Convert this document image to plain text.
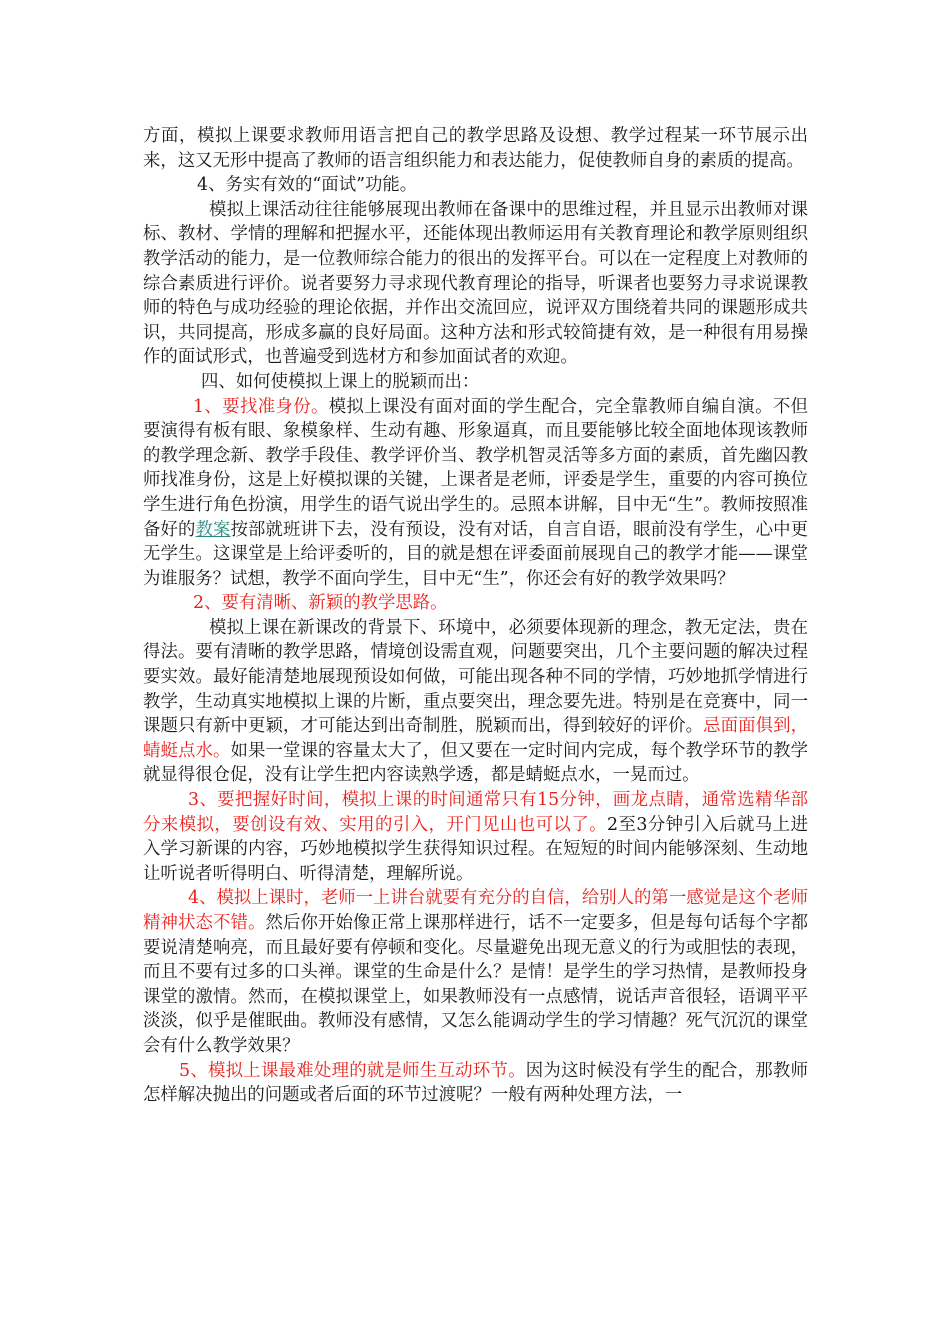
方面，模拟上课要求教师用语言把自己的教学思路及设想、教学过程某一环节展示出来，这又无形中提高了教师的语言组织能力和表达能力，促使教师自身的素质的提高。

4、务实有效的“面试”功能。

模拟上课活动往往能够展现出教师在备课中的思维过程，并且显示出教师对课标、教材、学情的理解和把握水平，还能体现出教师运用有关教育理论和教学原则组织教学活动的能力，是一位教师综合能力的很出的发挥平台。可以在一定程度上对教师的综合素质进行评价。说者要努力寻求现代教育理论的指导，听课者也要努力寻求说课教师的特色与成功经验的理论依据，并作出交流回应，说评双方围绕着共同的课题形成共识，共同提高，形成多赢的良好局面。这种方法和形式较简捷有效，是一种很有用易操作的面试形式，也普遍受到选材方和参加面试者的欢迎。

四、如何使模拟上课上的脱颖而出：

1、要找准身份。模拟上课没有面对面的学生配合，完全靠教师自编自演。不但要演得有板有眼、象模象样、生动有趣、形象逼真，而且要能够比较全面地体现该教师的教学理念新、教学手段佳、教学评价当、教学机智灵活等多方面的素质，首先幽囚教师找准身份，这是上好模拟课的关键，上课者是老师，评委是学生，重要的内容可换位学生进行角色扮演，用学生的语气说出学生的。忌照本讲解，目中无“生”。教师按照准备好的教案按部就班讲下去，没有预设，没有对话，自言自语，眼前没有学生，心中更无学生。这课堂是上给评委听的，目的就是想在评委面前展现自己的教学才能——课堂为谁服务？试想，教学不面向学生，目中无“生”，你还会有好的教学效果吗？

2、要有清晰、新颖的教学思路。

模拟上课在新课改的背景下、环境中，必须要体现新的理念，教无定法，贵在得法。要有清晰的教学思路，情境创设需直观，问题要突出，几个主要问题的解决过程要实效。最好能清楚地展现预设如何做，可能出现各种不同的学情，巧妙地抓学情进行教学，生动真实地模拟上课的片断，重点要突出，理念要先进。特别是在竞赛中，同一课题只有新中更颖，才可能达到出奇制胜，脱颖而出，得到较好的评价。忌面面俱到，蜻蜓点水。如果一堂课的容量太大了，但又要在一定时间内完成，每个教学环节的教学就显得很仓促，没有让学生把内容读熟学透，都是蜻蜓点水，一晃而过。

3、要把握好时间，模拟上课的时间通常只有15分钟，画龙点睛，通常选精华部分来模拟，要创设有效、实用的引入，开门见山也可以了。2至3分钟引入后就马上进入学习新课的内容，巧妙地模拟学生获得知识过程。在短短的时间内能够深刻、生动地让听说者听得明白、听得清楚，理解所说。

4、模拟上课时，老师一上讲台就要有充分的自信，给别人的第一感觉是这个老师精神状态不错。然后你开始像正常上课那样进行，话不一定要多，但是每句话每个字都要说清楚响亮，而且最好要有停顿和变化。尽量避免出现无意义的行为或胆怯的表现，而且不要有过多的口头禅。课堂的生命是什么？是情！是学生的学习热情，是教师投身课堂的激情。然而，在模拟课堂上，如果教师没有一点感情，说话声音很轻，语调平平淡淡，似乎是催眠曲。教师没有感情，又怎么能调动学生的学习情趣？死气沉沉的课堂会有什么教学效果？

5、模拟上课最难处理的就是师生互动环节。因为这时候没有学生的配合，那教师怎样解决抛出的问题或者后面的环节过渡呢？一般有两种处理方法，一
